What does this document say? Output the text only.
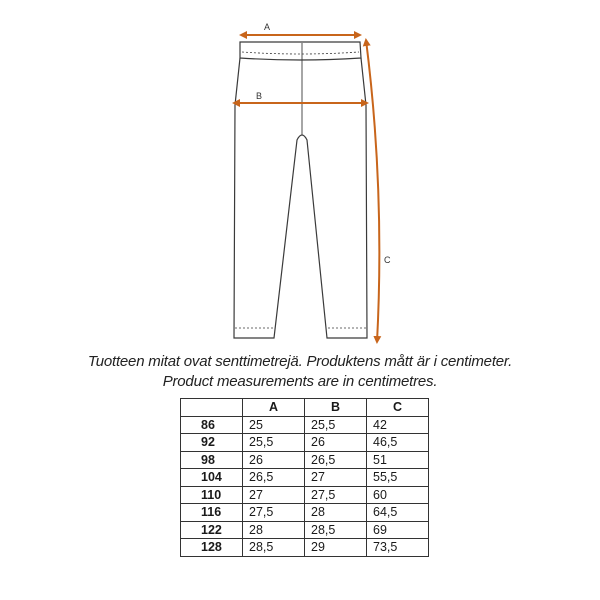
A
B
C
Tuotteen mitat ovat senttimetrejä. Produktens mått är i centimeter.
Product measurements are in centimetres.
	A	B	C
86	25	25,5	42
92	25,5	26	46,5
98	26	26,5	51
104	26,5	27	55,5
110	27	27,5	60
116	27,5	28	64,5
122	28	28,5	69
128	28,5	29	73,5
